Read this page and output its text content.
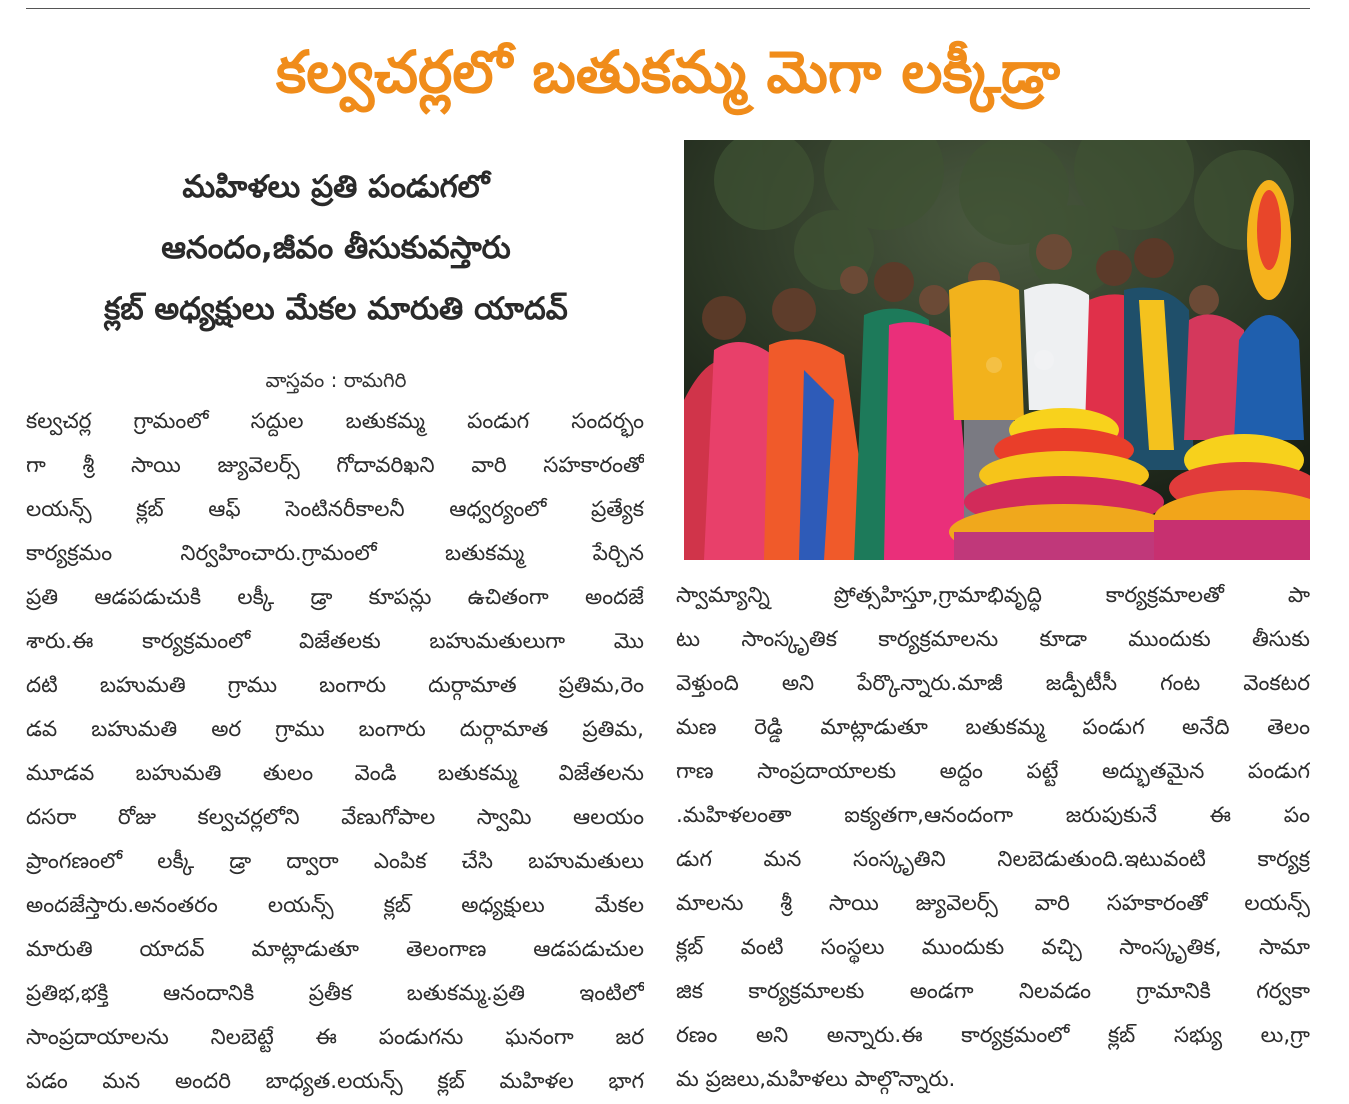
కల్వచర్లలో బతుకమ్మ మెగా లక్కీడ్రా
మహిళలు ప్రతి పండుగలో
ఆనందం,జీవం తీసుకువస్తారు
క్లబ్ అధ్యక్షులు మేకల మారుతి యాదవ్
వాస్తవం : రామగిరి
కల్వచర్ల గ్రామంలో సద్దుల బతుకమ్మ పండుగ సందర్భం
గా శ్రీ సాయి జ్యువెలర్స్ గోదావరిఖని వారి సహకారంతో
లయన్స్ క్లబ్ ఆఫ్ సెంటినరీకాలనీ ఆధ్వర్యంలో ప్రత్యేక
కార్యక్రమం నిర్వహించారు.గ్రామంలో బతుకమ్మ పేర్చిన
ప్రతి ఆడపడుచుకి లక్కీ డ్రా కూపన్లు ఉచితంగా అందజే
శారు.ఈ కార్యక్రమంలో విజేతలకు బహుమతులుగా మొ
దటి బహుమతి గ్రాము బంగారు దుర్గామాత ప్రతిమ,రెం
డవ బహుమతి అర గ్రాము బంగారు దుర్గామాత ప్రతిమ,
మూడవ బహుమతి తులం వెండి బతుకమ్మ విజేతలను
దసరా రోజు కల్వచర్లలోని వేణుగోపాల స్వామి ఆలయం
ప్రాంగణంలో లక్కీ డ్రా ద్వారా ఎంపిక చేసి బహుమతులు
అందజేస్తారు.అనంతరం లయన్స్ క్లబ్ అధ్యక్షులు మేకల
మారుతి యాదవ్ మాట్లాడుతూ తెలంగాణ ఆడపడుచుల
ప్రతిభ,భక్తి ఆనందానికి ప్రతీక బతుకమ్మ.ప్రతి ఇంటిలో
సాంప్రదాయాలను నిలబెట్టే ఈ పండుగను ఘనంగా జర
పడం మన అందరి బాధ్యత.లయన్స్ క్లబ్ మహిళల భాగ
స్వామ్యాన్ని ప్రోత్సహిస్తూ,గ్రామాభివృద్ధి కార్యక్రమాలతో పా
టు సాంస్కృతిక కార్యక్రమాలను కూడా ముందుకు తీసుకు
వెళ్తుంది అని పేర్కొన్నారు.మాజీ జడ్పీటీసీ గంట వెంకటర
మణ రెడ్డి మాట్లాడుతూ బతుకమ్మ పండుగ అనేది తెలం
గాణ సాంప్రదాయాలకు అద్దం పట్టే అద్భుతమైన పండుగ
.మహిళలంతా ఐక్యతగా,ఆనందంగా జరుపుకునే ఈ పం
డుగ మన సంస్కృతిని నిలబెడుతుంది.ఇటువంటి కార్యక్ర
మాలను శ్రీ సాయి జ్యువెలర్స్ వారి సహకారంతో లయన్స్
క్లబ్ వంటి సంస్థలు ముందుకు వచ్చి సాంస్కృతిక, సామా
జిక కార్యక్రమాలకు అండగా నిలవడం గ్రామానికి గర్వకా
రణం అని అన్నారు.ఈ కార్యక్రమంలో క్లబ్ సభ్యు లు,గ్రా
మ ప్రజలు,మహిళలు పాల్గొన్నారు.
